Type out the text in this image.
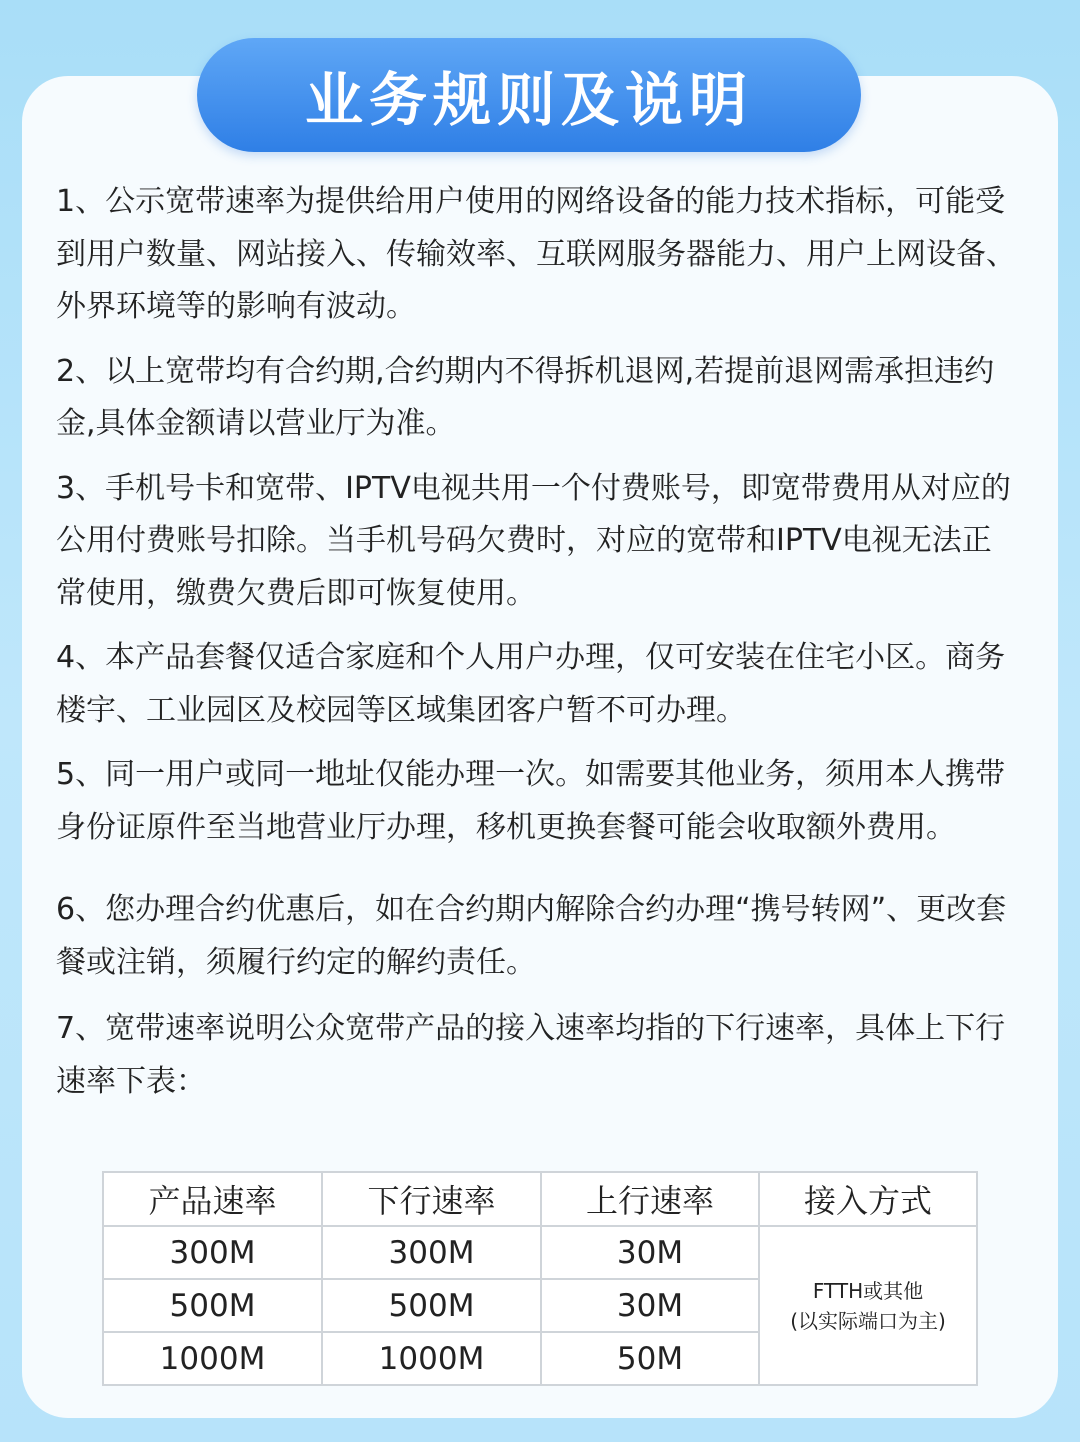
业务规则及说明

1、公示宽带速率为提供给用户使用的网络设备的能力技术指标，可能受到用户数量、网站接入、传输效率、互联网服务器能力、用户上网设备、外界环境等的影响有波动。

2、以上宽带均有合约期,合约期内不得拆机退网,若提前退网需承担违约金,具体金额请以营业厅为准。

3、手机号卡和宽带、IPTV电视共用一个付费账号，即宽带费用从对应的公用付费账号扣除。当手机号码欠费时，对应的宽带和IPTV电视无法正常使用，缴费欠费后即可恢复使用。

4、本产品套餐仅适合家庭和个人用户办理，仅可安装在住宅小区。商务楼宇、工业园区及校园等区域集团客户暂不可办理。

5、同一用户或同一地址仅能办理一次。如需要其他业务，须用本人携带身份证原件至当地营业厅办理，移机更换套餐可能会收取额外费用。

6、您办理合约优惠后，如在合约期内解除合约办理“携号转网”、更改套餐或注销，须履行约定的解约责任。

7、宽带速率说明公众宽带产品的接入速率均指的下行速率，具体上下行速率下表：

产品速率	下行速率	上行速率	接入方式
300M	300M	30M	FTTH或其他
(以实际端口为主)

500M	500M	30M	
1000M	1000M	50M	
